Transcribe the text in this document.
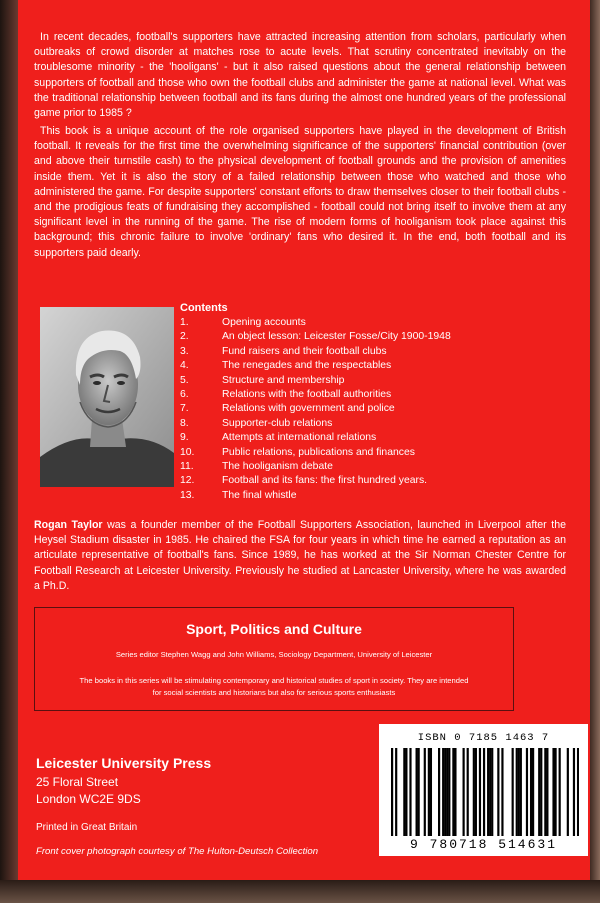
In recent decades, football's supporters have attracted increasing attention from scholars, particularly when outbreaks of crowd disorder at matches rose to acute levels. That scrutiny concentrated inevitably on the troublesome minority - the 'hooligans' - but it also raised questions about the general relationship between supporters of football and those who own the football clubs and administer the game at national level. What was the traditional relationship between football and its fans during the almost one hundred years of the professional game prior to 1985 ?

This book is a unique account of the role organised supporters have played in the development of British football. It reveals for the first time the overwhelming significance of the supporters' financial contribution (over and above their turnstile cash) to the physical development of football grounds and the provision of amenities inside them. Yet it is also the story of a failed relationship between those who watched and those who administered the game. For despite supporters' constant efforts to draw themselves closer to their football clubs - and the prodigious feats of fundraising they accomplished - football could not bring itself to involve them at any significant level in the running of the game. The rise of modern forms of hooliganism took place against this background; this chronic failure to involve 'ordinary' fans who desired it. In the end, both football and its supporters paid dearly.

Contents
1.	Opening accounts
2.	An object lesson: Leicester Fosse/City 1900-1948
3.	Fund raisers and their football clubs
4.	The renegades and the respectables
5.	Structure and membership
6.	Relations with the football authorities
7.	Relations with government and police
8.	Supporter-club relations
9.	Attempts at international relations
10.	Public relations, publications and finances
11.	The hooliganism debate
12.	Football and its fans: the first hundred years.
13.	The final whistle

Rogan Taylor was a founder member of the Football Supporters Association, launched in Liverpool after the Heysel Stadium disaster in 1985. He chaired the FSA for four years in which time he earned a reputation as an articulate representative of football's fans. Since 1989, he has worked at the Sir Norman Chester Centre for Football Research at Leicester University. Previously he studied at Lancaster University, where he was awarded a Ph.D.

Sport, Politics and Culture
Series editor Stephen Wagg and John Williams, Sociology Department, University of Leicester
The books in this series will be stimulating contemporary and historical studies of sport in society. They are intended for social scientists and historians but also for serious sports enthusiasts
Leicester University Press
25 Floral Street
London WC2E 9DS
Printed in Great Britain
Front cover photograph courtesy of The Hulton-Deutsch Collection
ISBN 0 7185 1463 7
9 780718 514631
